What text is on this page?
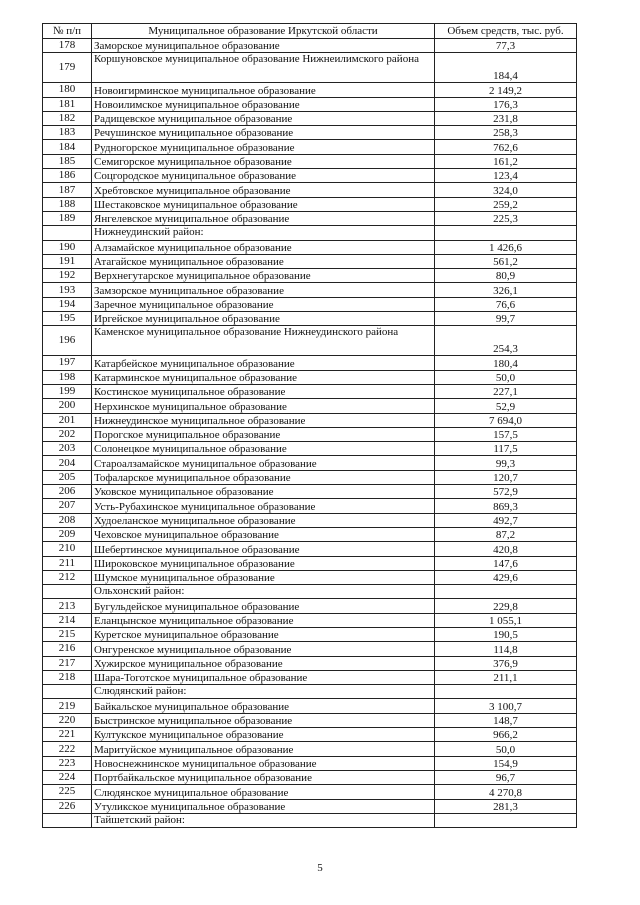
№ п/п	Муниципальное образование Иркутской области	Объем средств, тыс. руб.
178	Заморское муниципальное образование	77,3
179	Коршуновское муниципальное образование Нижнеилимского района	184,4
180	Новоигирминское муниципальное образование	2 149,2
181	Новоилимское муниципальное образование	176,3
182	Радищевское муниципальное образование	231,8
183	Речушинское муниципальное образование	258,3
184	Рудногорское муниципальное образование	762,6
185	Семигорское муниципальное образование	161,2
186	Соцгородское муниципальное образование	123,4
187	Хребтовское муниципальное образование	324,0
188	Шестаковское муниципальное образование	259,2
189	Янгелевское муниципальное образование	225,3
	Нижнеудинский район:	
190	Алзамайское муниципальное образование	1 426,6
191	Атагайское муниципальное образование	561,2
192	Верхнегутарское муниципальное образование	80,9
193	Замзорское муниципальное образование	326,1
194	Заречное муниципальное образование	76,6
195	Иргейское муниципальное образование	99,7
196	Каменское муниципальное образование Нижнеудинского района	254,3
197	Катарбейское муниципальное образование	180,4
198	Катарминское муниципальное образование	50,0
199	Костинское муниципальное образование	227,1
200	Нерхинское муниципальное образование	52,9
201	Нижнеудинское муниципальное образование	7 694,0
202	Порогское муниципальное образование	157,5
203	Солонецкое муниципальное образование	117,5
204	Староалзамайское муниципальное образование	99,3
205	Тофаларское муниципальное образование	120,7
206	Уковское муниципальное образование	572,9
207	Усть-Рубахинское муниципальное образование	869,3
208	Худоеланское муниципальное образование	492,7
209	Чеховское муниципальное образование	87,2
210	Шебертинское муниципальное образование	420,8
211	Широковское муниципальное образование	147,6
212	Шумское муниципальное образование	429,6
	Ольхонский район:	
213	Бугульдейское муниципальное образование	229,8
214	Еланцынское муниципальное образование	1 055,1
215	Куретское муниципальное образование	190,5
216	Онгуренское муниципальное образование	114,8
217	Хужирское муниципальное образование	376,9
218	Шара-Тоготское муниципальное образование	211,1
	Слюдянский район:	
219	Байкальское муниципальное образование	3 100,7
220	Быстринское муниципальное образование	148,7
221	Култукское муниципальное образование	966,2
222	Маритуйское муниципальное образование	50,0
223	Новоснежнинское муниципальное образование	154,9
224	Портбайкальское муниципальное образование	96,7
225	Слюдянское муниципальное образование	4 270,8
226	Утуликское муниципальное образование	281,3
	Тайшетский район:	
5
